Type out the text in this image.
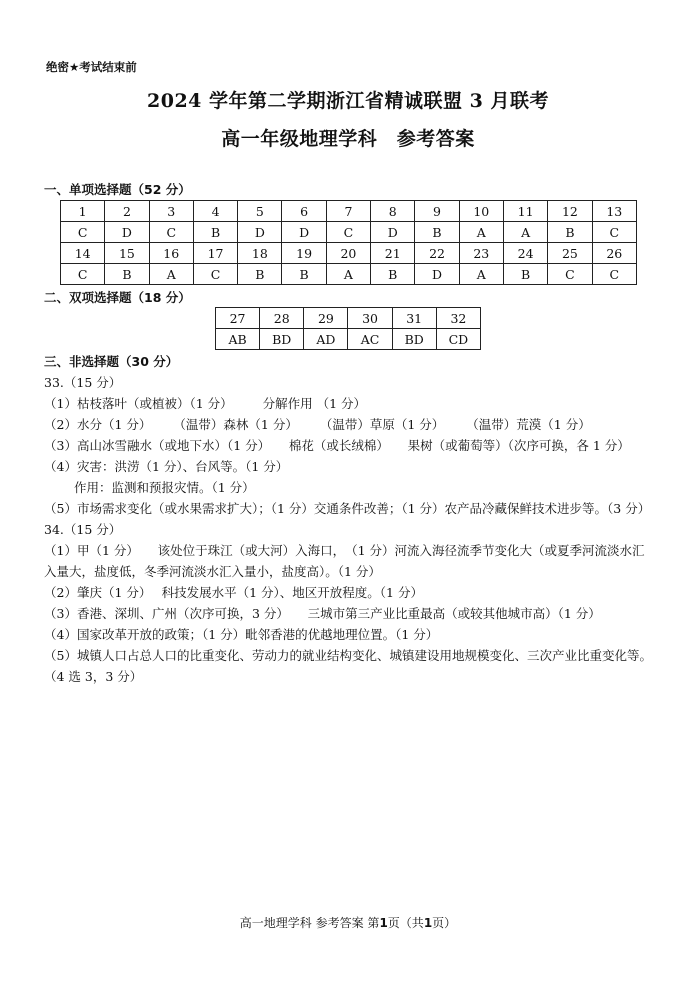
绝密★考试结束前
2024 学年第二学期浙江省精诚联盟 3 月联考
高一年级地理学科　参考答案
一、单项选择题（52 分）
1	2	3	4	5	6	7	8	9	10	11	12	13
C	D	C	B	D	D	C	D	B	A	A	B	C
14	15	16	17	18	19	20	21	22	23	24	25	26
C	B	A	C	B	B	A	B	D	A	B	C	C
二、双项选择题（18 分）
27	28	29	30	31	32
AB	BD	AD	AC	BD	CD
三、非选择题（30 分）
33.（15 分）
（1）枯枝落叶（或植被）（1 分） 分解作用 （1 分）
（2）水分（1 分） （温带）森林（1 分） （温带）草原（1 分） （温带）荒漠（1 分）
（3）高山冰雪融水（或地下水）（1 分）　　棉花（或长绒棉）　　果树（或葡萄等）（次序可换，各 1 分）
（4）灾害：洪涝（1 分）、台风等。（1 分）
作用：监测和预报灾情。（1 分）
（5）市场需求变化（或水果需求扩大）；（1 分）交通条件改善；（1 分）农产品冷藏保鲜技术进步等。（3 分）
34.（15 分）
（1）甲（1 分）　　该处位于珠江（或大河）入海口，　（1 分）河流入海径流季节变化大（或夏季河流淡水汇入量大，盐度低，冬季河流淡水汇入量小，盐度高）。（1 分）
（2）肇庆（1 分）　 科技发展水平（1 分）、地区开放程度。（1 分）
（3）香港、深圳、广州（次序可换，3 分）　　三城市第三产业比重最高（或较其他城市高）（1 分）
（4）国家改革开放的政策；（1 分）毗邻香港的优越地理位置。（1 分）
（5）城镇人口占总人口的比重变化、劳动力的就业结构变化、城镇建设用地规模变化、三次产业比重变化等。（4 选 3，3 分）
高一地理学科 参考答案 第1页（共1页）
